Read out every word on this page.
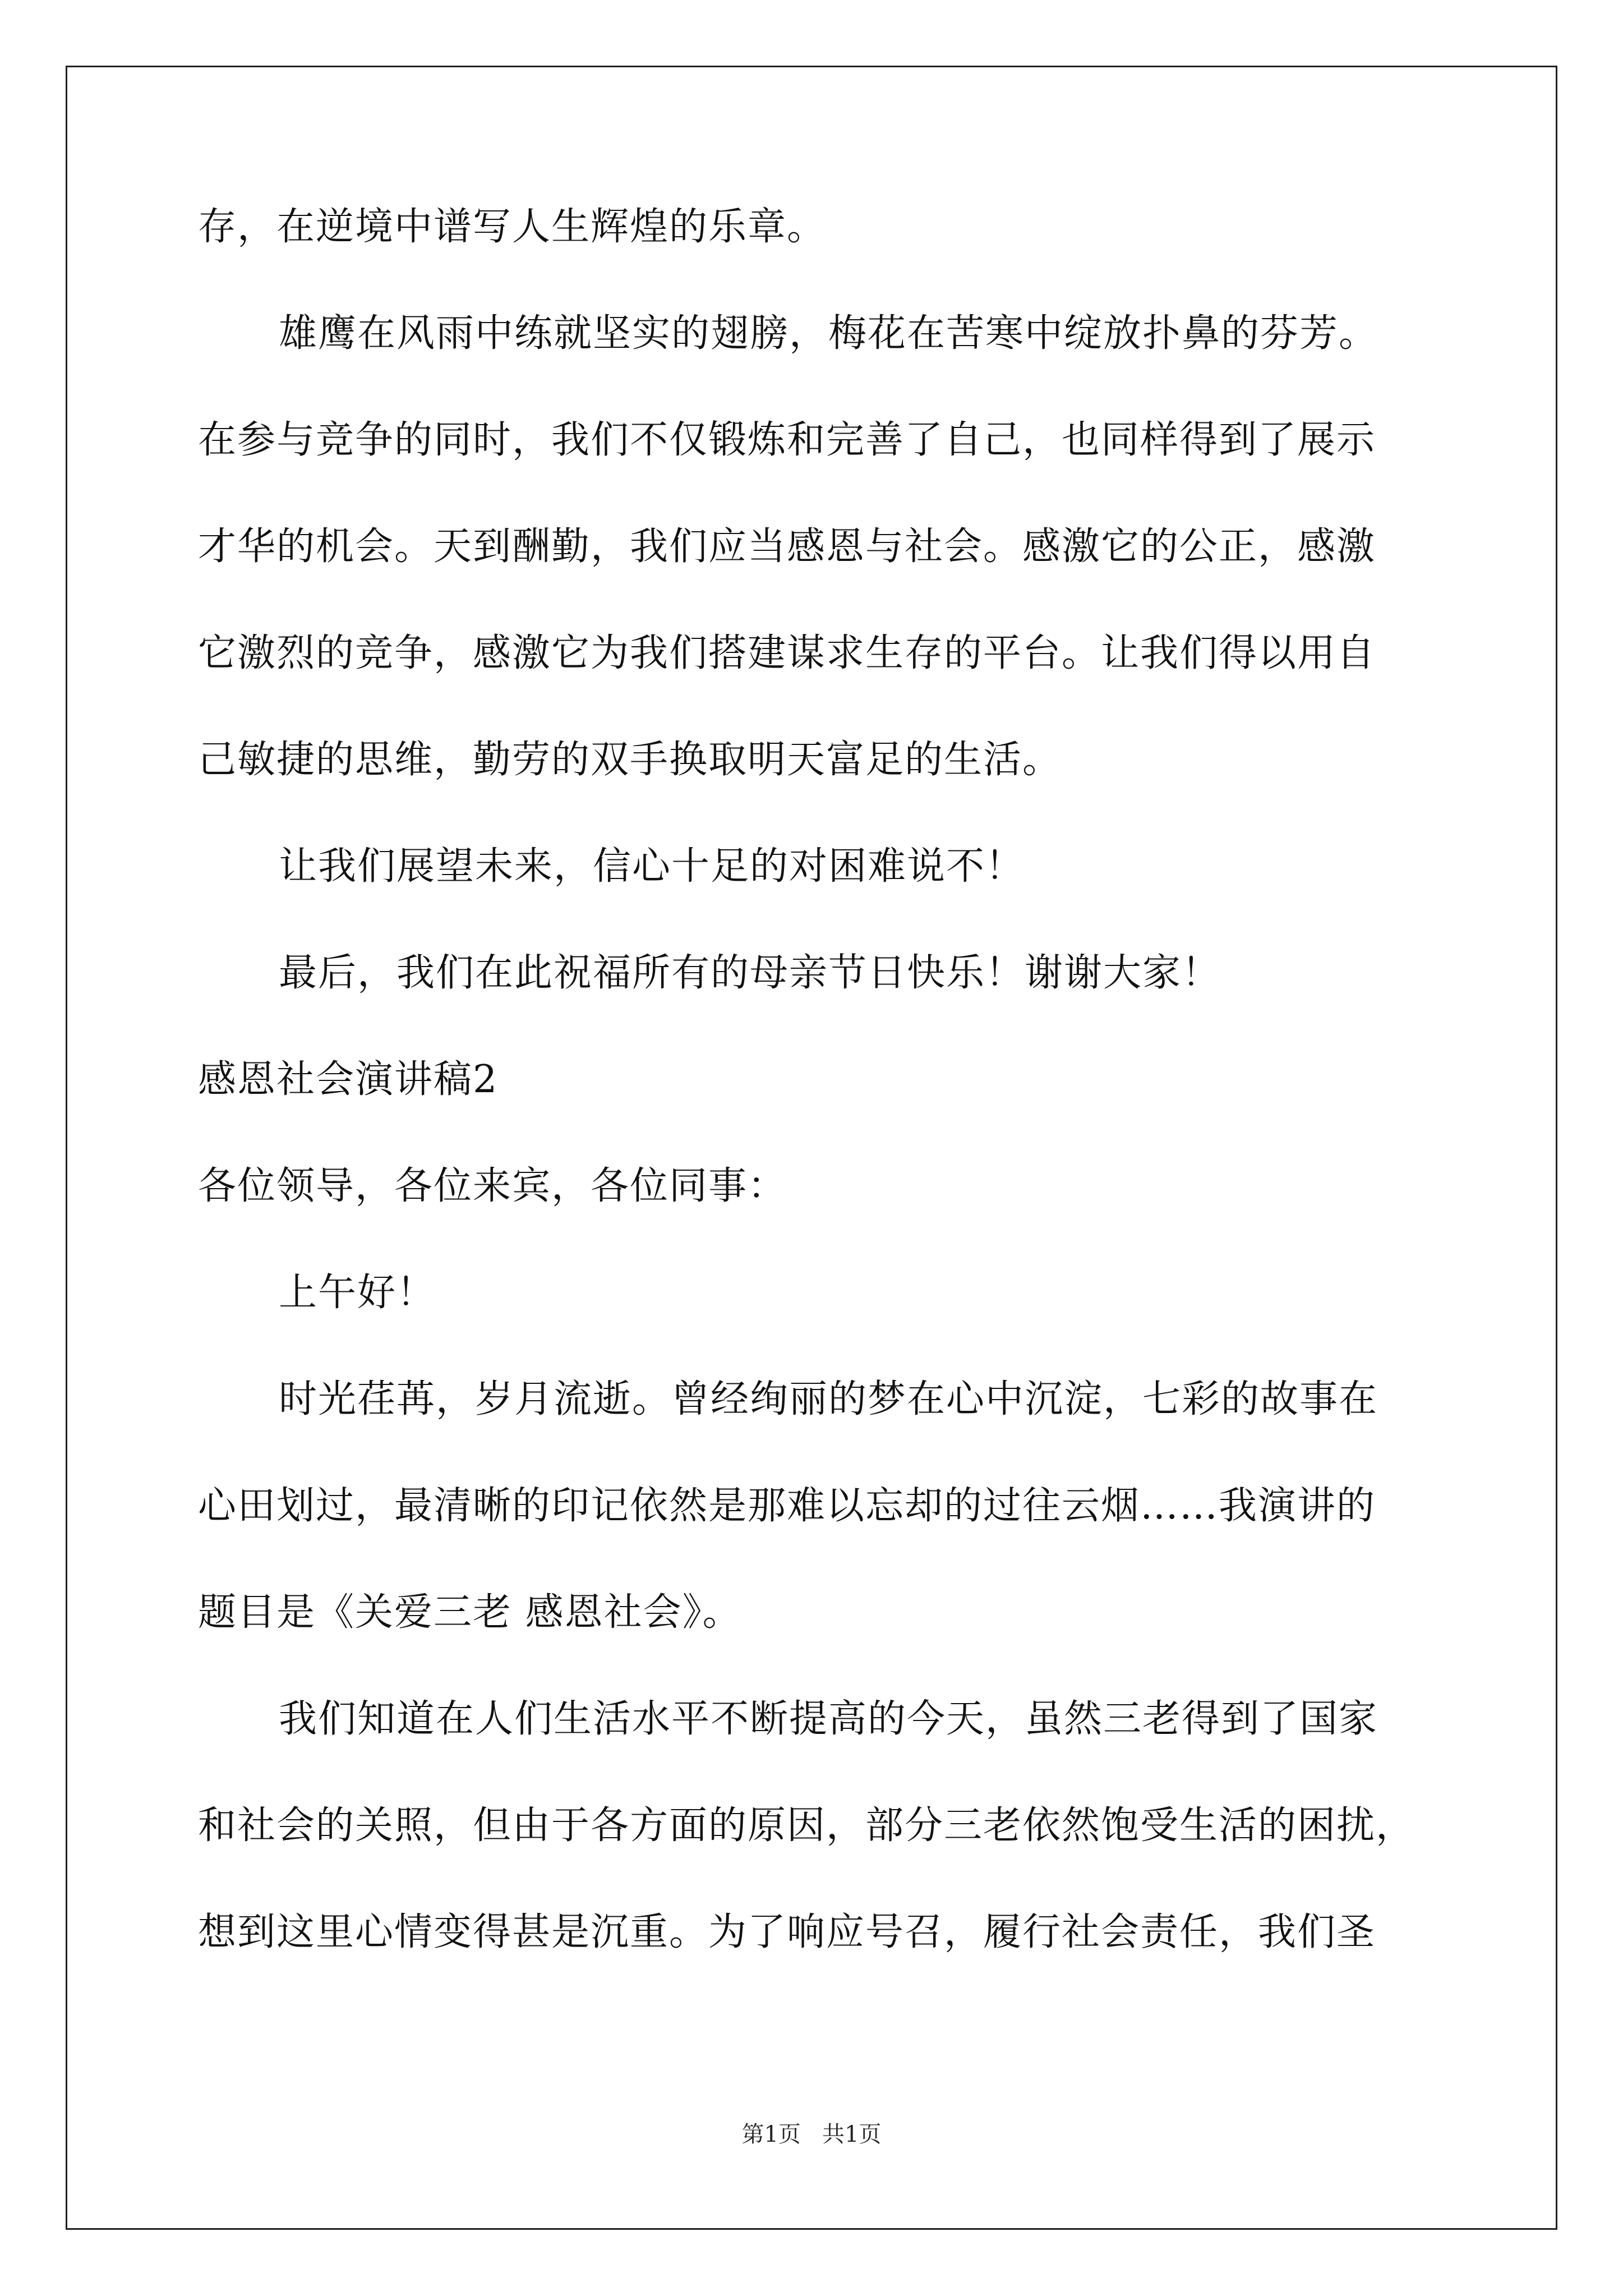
存，在逆境中谱写人生辉煌的乐章。
雄鹰在风雨中练就坚实的翅膀，梅花在苦寒中绽放扑鼻的芬芳。
在参与竞争的同时，我们不仅锻炼和完善了自己，也同样得到了展示
才华的机会。天到酬勤，我们应当感恩与社会。感激它的公正，感激
它激烈的竞争，感激它为我们搭建谋求生存的平台。让我们得以用自
己敏捷的思维，勤劳的双手换取明天富足的生活。
让我们展望未来，信心十足的对困难说不！
最后，我们在此祝福所有的母亲节日快乐！谢谢大家！
感恩社会演讲稿2
各位领导，各位来宾，各位同事：
上午好！
时光荏苒，岁月流逝。曾经绚丽的梦在心中沉淀，七彩的故事在
心田划过，最清晰的印记依然是那难以忘却的过往云烟……我演讲的
题目是《关爱三老 感恩社会》。
我们知道在人们生活水平不断提高的今天，虽然三老得到了国家
和社会的关照，但由于各方面的原因，部分三老依然饱受生活的困扰，
想到这里心情变得甚是沉重。为了响应号召，履行社会责任，我们圣
第1页   共1页
